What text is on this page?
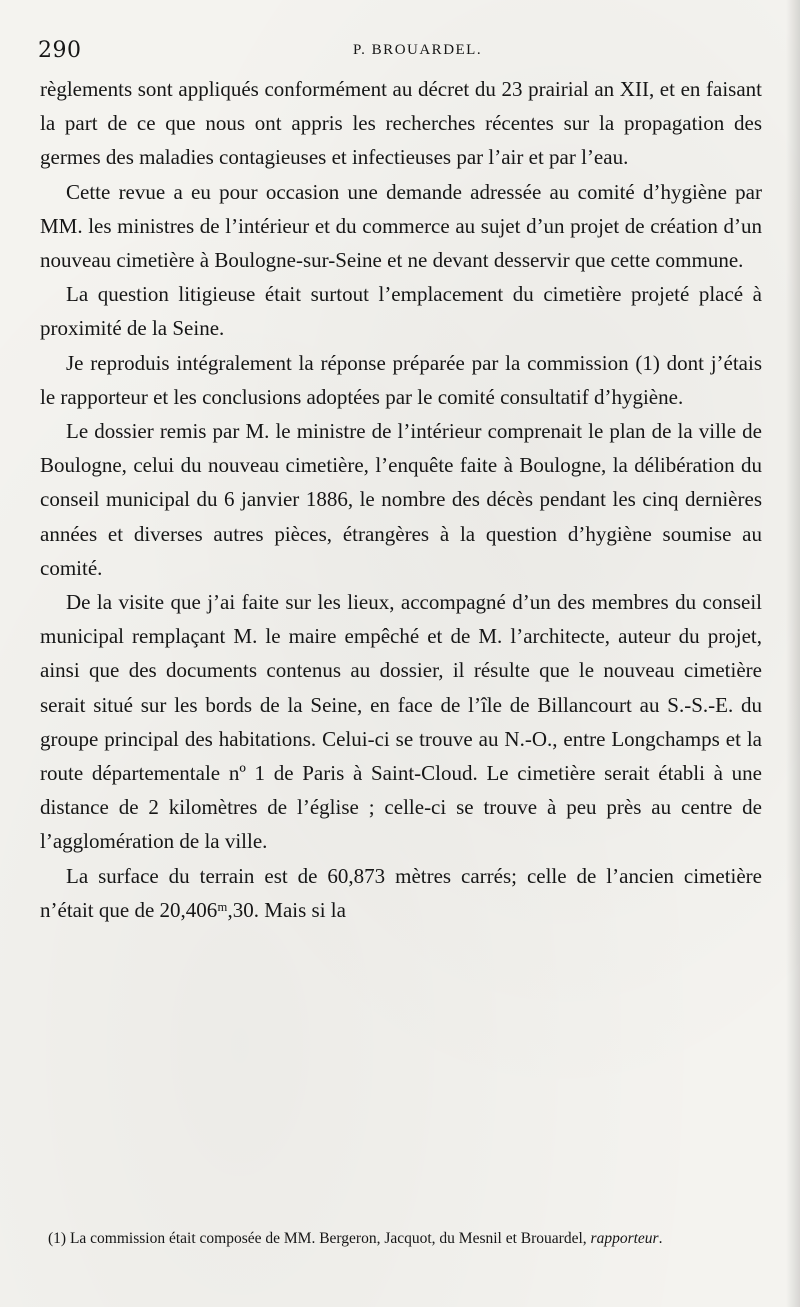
290	P. BROUARDEL.

règlements sont appliqués conformément au décret du 23 prairial an XII, et en faisant la part de ce que nous ont appris les recherches récentes sur la propagation des germes des maladies contagieuses et infectieuses par l’air et par l’eau.

Cette revue a eu pour occasion une demande adressée au comité d’hygiène par MM. les ministres de l’intérieur et du commerce au sujet d’un projet de création d’un nouveau cimetière à Boulogne-sur-Seine et ne devant desservir que cette commune.

La question litigieuse était surtout l’emplacement du cimetière projeté placé à proximité de la Seine.

Je reproduis intégralement la réponse préparée par la commission (1) dont j’étais le rapporteur et les conclusions adoptées par le comité consultatif d’hygiène.

Le dossier remis par M. le ministre de l’intérieur comprenait le plan de la ville de Boulogne, celui du nouveau cimetière, l’enquête faite à Boulogne, la délibération du conseil municipal du 6 janvier 1886, le nombre des décès pendant les cinq dernières années et diverses autres pièces, étrangères à la question d’hygiène soumise au comité.

De la visite que j’ai faite sur les lieux, accompagné d’un des membres du conseil municipal remplaçant M. le maire empêché et de M. l’architecte, auteur du projet, ainsi que des documents contenus au dossier, il résulte que le nouveau cimetière serait situé sur les bords de la Seine, en face de l’île de Billancourt au S.-S.-E. du groupe principal des habitations. Celui-ci se trouve au N.-O., entre Longchamps et la route départementale nº 1 de Paris à Saint-Cloud. Le cimetière serait établi à une distance de 2 kilomètres de l’église ; celle-ci se trouve à peu près au centre de l’agglomération de la ville.

La surface du terrain est de 60,873 mètres carrés; celle de l’ancien cimetière n’était que de 20,406ᵐ,30. Mais si la

(1) La commission était composée de MM. Bergeron, Jacquot, du Mesnil et Brouardel, rapporteur.
